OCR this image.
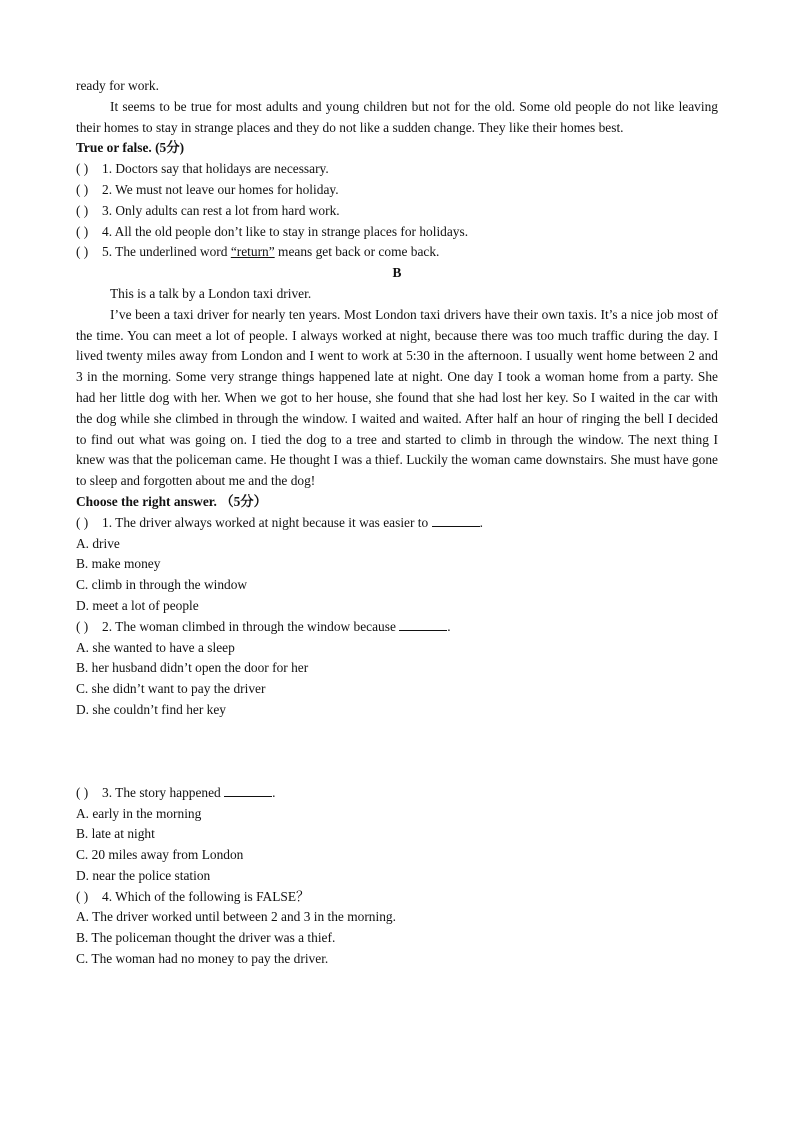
ready for work.

It seems to be true for most adults and young children but not for the old. Some old people do not like leaving their homes to stay in strange places and they do not like a sudden change. They like their homes best.

True or false. (5分)

( ) 1. Doctors say that holidays are necessary.

( ) 2. We must not leave our homes for holiday.

( ) 3. Only adults can rest a lot from hard work.

( ) 4. All the old people don’t like to stay in strange places for holidays.

( ) 5. The underlined word “return” means get back or come back.

B

This is a talk by a London taxi driver.

I’ve been a taxi driver for nearly ten years. Most London taxi drivers have their own taxis. It’s a nice job most of the time. You can meet a lot of people. I always worked at night, because there was too much traffic during the day. I lived twenty miles away from London and I went to work at 5:30 in the afternoon. I usually went home between 2 and 3 in the morning. Some very strange things happened late at night. One day I took a woman home from a party. She had her little dog with her. When we got to her house, she found that she had lost her key. So I waited in the car with the dog while she climbed in through the window. I waited and waited. After half an hour of ringing the bell I decided to find out what was going on. I tied the dog to a tree and started to climb in through the window. The next thing I knew was that the policeman came. He thought I was a thief. Luckily the woman came downstairs. She must have gone to sleep and forgotten about me and the dog!

Choose the right answer. （5分）

( ) 1. The driver always worked at night because it was easier to	.

A. drive

B. make money

C. climb in through the window

D. meet a lot of people

( ) 2. The woman climbed in through the window because	.

A. she wanted to have a sleep

B. her husband didn’t open the door for her

C. she didn’t want to pay the driver

D. she couldn’t find her key

( ) 3. The story happened	.

A. early in the morning

B. late at night

C. 20 miles away from London

D. near the police station

( ) 4. Which of the following is FALSE？

A. The driver worked until between 2 and 3 in the morning.

B. The policeman thought the driver was a thief.

C. The woman had no money to pay the driver.
